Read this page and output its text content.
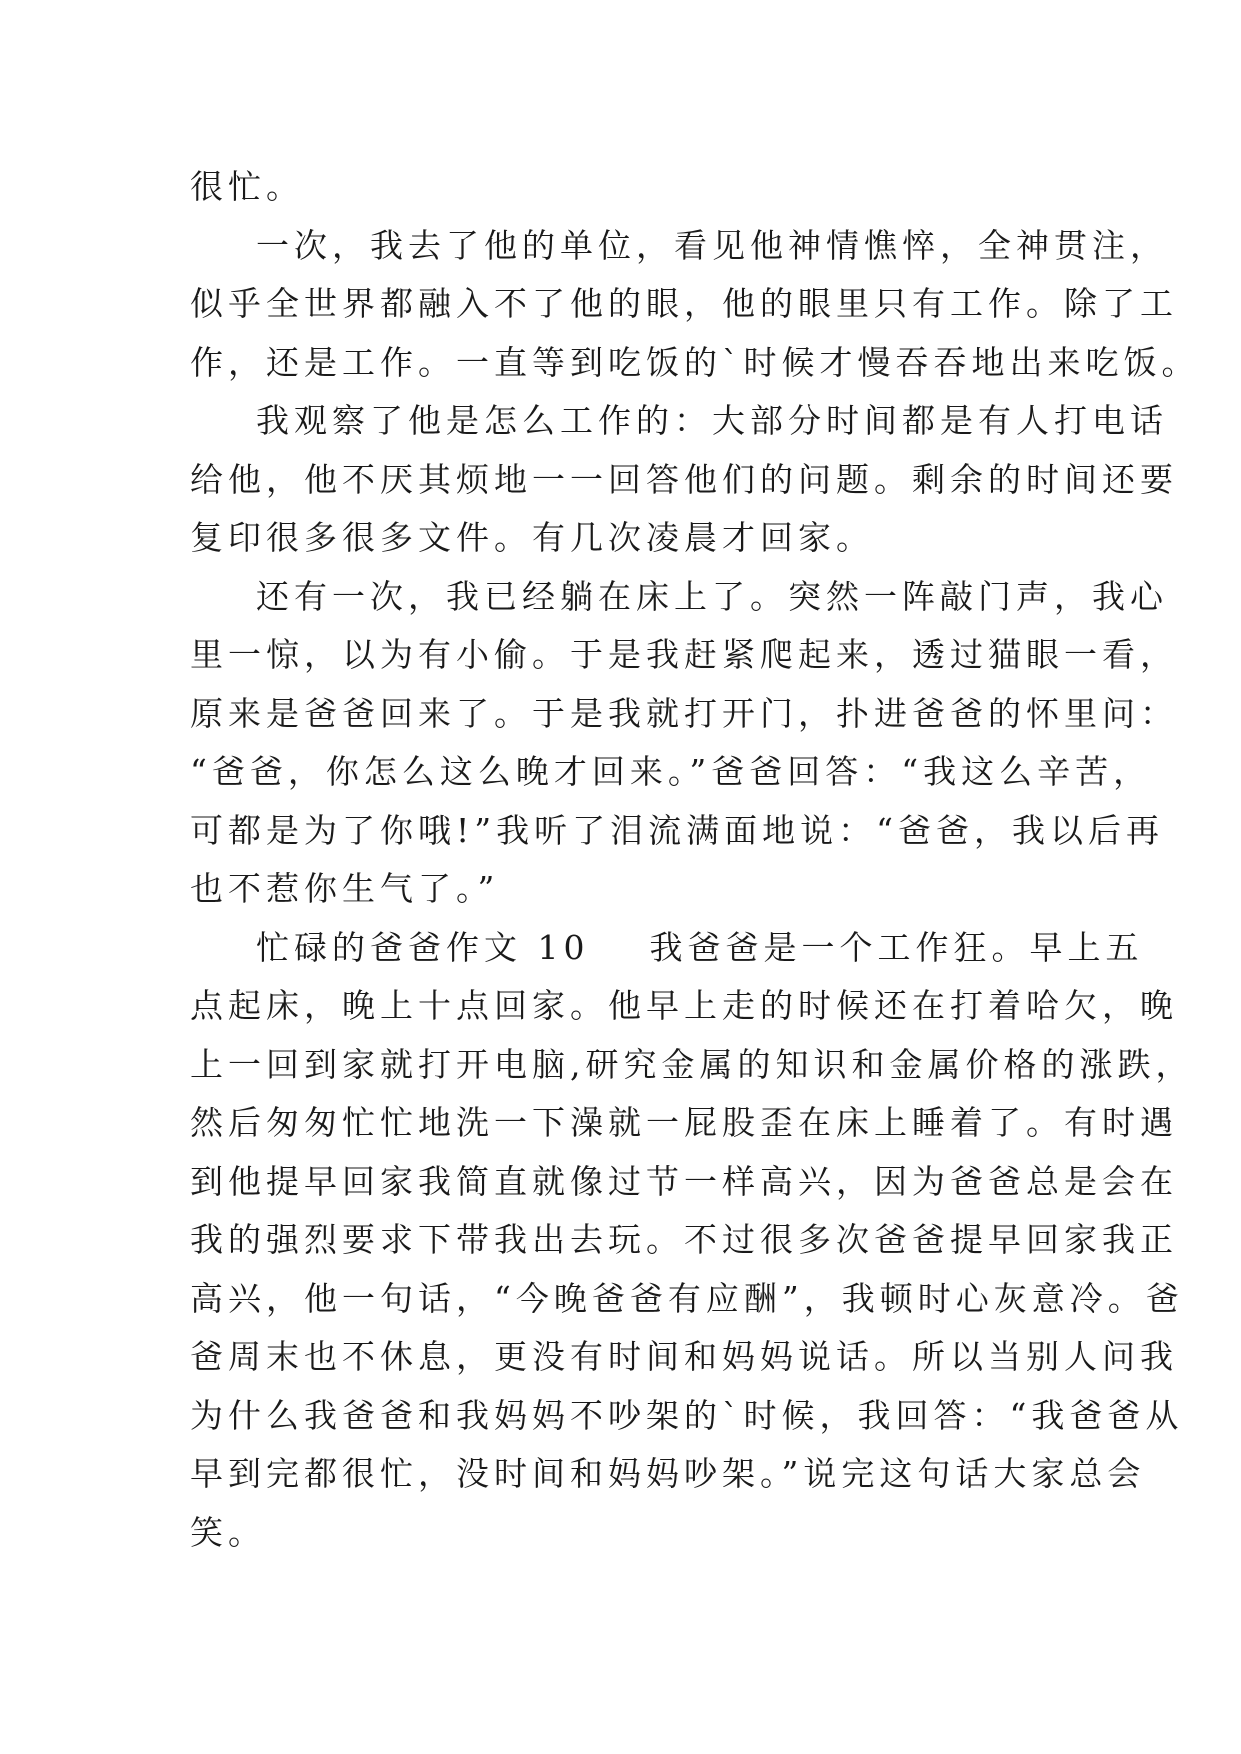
很忙。
一次，我去了他的单位，看见他神情憔悴，全神贯注，
似乎全世界都融入不了他的眼，他的眼里只有工作。除了工
作，还是工作。一直等到吃饭的`时候才慢吞吞地出来吃饭。
我观察了他是怎么工作的：大部分时间都是有人打电话
给他，他不厌其烦地一一回答他们的问题。剩余的时间还要
复印很多很多文件。有几次凌晨才回家。
还有一次，我已经躺在床上了。突然一阵敲门声，我心
里一惊，以为有小偷。于是我赶紧爬起来，透过猫眼一看，
原来是爸爸回来了。于是我就打开门，扑进爸爸的怀里问：
“爸爸，你怎么这么晚才回来。”爸爸回答：“我这么辛苦，
可都是为了你哦!”我听了泪流满面地说：“爸爸，我以后再
也不惹你生气了。”
忙碌的爸爸作文 10 我爸爸是一个工作狂。早上五
点起床，晚上十点回家。他早上走的时候还在打着哈欠，晚
上一回到家就打开电脑,研究金属的知识和金属价格的涨跌，
然后匆匆忙忙地洗一下澡就一屁股歪在床上睡着了。有时遇
到他提早回家我简直就像过节一样高兴，因为爸爸总是会在
我的强烈要求下带我出去玩。不过很多次爸爸提早回家我正
高兴，他一句话，“今晚爸爸有应酬”，我顿时心灰意冷。爸
爸周末也不休息，更没有时间和妈妈说话。所以当别人问我
为什么我爸爸和我妈妈不吵架的`时候，我回答：“我爸爸从
早到完都很忙，没时间和妈妈吵架。”说完这句话大家总会
笑。
